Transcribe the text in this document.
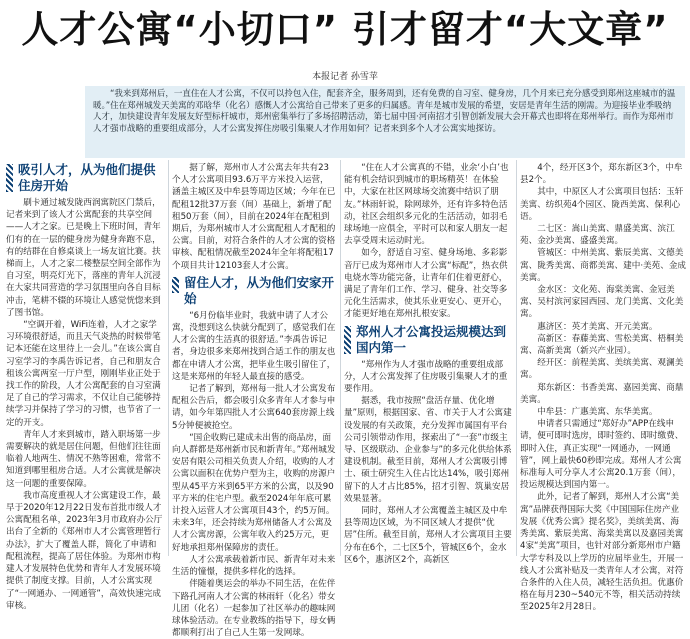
人才公寓“小切口” 引才留才“大文章”
本报记者 孙雪苹
“我来到郑州后，一直住在人才公寓，不仅可以拎包入住，配套齐全，服务周到，还有免费的自习室、健身房，几个月来已充分感受到郑州这座城市的温暖。”住在郑州城发天美寓的邓晗华（化名）感慨人才公寓给自己带来了更多的归属感。青年是城市发展的希望，安居是青年生活的刚需。为迎接毕业季吸纳人才，加快建设青年发展友好型标杆城市，郑州密集举行了多场招聘活动，第七届中国·河南招才引智创新发展大会开幕式也即将在郑州举行。而作为郑州市人才强市战略的重要组成部分，人才公寓发挥住房吸引集聚人才作用如何？记者来到多个人才公寓实地探访。
吸引人才，从为他们提供住房开始

刷卡通过城发陇西润寓院区门禁后，记者来到了该人才公寓配套的共享空间——人才之家。已是晚上下班时间，青年们有的在一层的健身房为健身奔跑不息，有的结群在自修桌谈上一场友谊比赛。扶梯而上，人才之家二楼整层空间全部作为自习室，明亮灯光下，落座的青年人沉浸在大家共同营造的学习氛围里向各自目标冲击，笔耕不辍的环境让人感觉恍惚来到了图书馆。

“空调开着，WiFi连着，人才之家学习环境很舒适，而且天气炎热的时候带笔记本还能在这里待上一会儿。”在该公寓自习室学习的李禹告诉记者，自己和朋友合租该公寓两室一厅户型，刚刚毕业正处于找工作的阶段，人才公寓配套的自习室满足了自己的学习需求，不仅让自己能够持续学习并保持了学习的习惯，也节省了一定的开支。

青年人才来到城市，踏入职场第一步需要解决的就是居住问题，但他们往往面临着人地两生、情况不熟等困难，常常不知道到哪里租房合适。人才公寓就是解决这一问题的重要保障。

我市高度重视人才公寓建设工作，最早于2020年12月22日发布首批市级人才公寓配租名单，2023年3月市政府办公厅出台了全新的《郑州市人才公寓管理暂行办法》，扩大了覆盖人群，简化了申请和配租流程，提高了居住体验。为郑州市构建人才发展特色优势和青年人才发展环境提供了制度支撑。目前，人才公寓实现了“一网通办、一网通管”，高效快速完成审核。

据了解，郑州市人才公寓去年共有23个人才公寓项目93.6万平方米投入运营，涵盖主城区及中牟县等周边区域；今年在已配租12批37万套（间）基础上，新增了配租50万套（间），目前在2024年在配租到期后，为郑州城市人才公寓配租人才配租的公寓。目前，对符合条件的人才公寓的资格审核、配租情况截至2024年全年将配租17个项目共计12103套人才公寓。

留住人才，从为他们安家开始

“6月份临毕业时，我就申请了人才公寓，没想到这么快就分配到了，感觉我们在人才公寓的生活真的很舒适。”李禹告诉记者，身边很多来郑州找到合适工作的朋友也都在申请人才公寓，把毕业生吸引留住了，这是来郑州的年轻人最直接的感受。

记者了解到，郑州每一批人才公寓发布配租公告后，都会吸引众多青年人才参与申请，如今年第四批人才公寓640套房源上线5分钟便被抢空。

“国企收购已建成未出售的商品房，面向人群都是郑州新市民和新青年。”郑州城发安居有限公司相关负责人介绍，收购的人才公寓以面积在优势户型为主，收购的房源户型从45平方米到65平方米的公寓，以及90平方米的住宅户型。截至2024年年底可累计投入运营人才公寓项目43个，约5万间。未来3年，还会持续为郑州储备人才公寓及人才公寓房源，公寓年收入约25万元，更好地承担郑州保障房的责任。

人才公寓承载着新市民、新青年对未来生活的憧憬，提供多样化的选择。

伴随着奥运会的举办不同生活，在佐伴下路孔河南人才公寓的林雨轩（化名）带女儿团（化名）一起参加了社区举办的趣味网球体验活动。在专业教练的指导下，母女俩都顺利打出了自己人生第一发网球。

“住在人才公寓真的不错，业余‘小白’也能有机会结识到城市的职场精英！在体验中，大家在社区网球场交流赛中结识了朋友。”林雨轩说，除网球外，还有许多特色活动，社区会组织多元化的生活活动，如羽毛球场地一应俱全，平时可以和家人朋友一起去享受周末运动时光。

如今，舒适自习室、健身场地、多彩影音厅已成为郑州市人才公寓“标配”，热衣供电烧水等功能完备，让青年们住着更舒心，满足了青年们工作、学习、健身、社交等多元化生活需求，使其乐业更安心、更开心，才能更好地在郑州扎根安家。

郑州人才公寓投运规模达到国内第一

“郑州作为人才强市战略的重要组成部分，人才公寓发挥了住房吸引集聚人才的重要作用。

据悉，我市按照“盘活存量、优化增量”原则，根据国家、省、市关于人才公寓建设发展的有关政策，充分发挥市属国有平台公司引领带动作用，探索出了“一套”市级主导、区级联动、企业参与”的多元化供给体系建设机制。截至目前，郑州人才公寓吸引博士、硕士研究生入住占比达14%，吸引郑州留下的人才占比85%，招才引智、筑巢安居效果显著。

同时，郑州人才公寓覆盖主城区及中牟县等周边区域，为不同区域人才提供“优居”住所。截至目前，郑州人才公寓项目主要分布在6个，二七区5个，管城区6个，金水区6个，惠济区2个，高新区

4个，经开区3个，郑东新区3个，中牟县2个。

其中，中原区人才公寓项目包括：玉轩美寓、纺织苑4个园区、陇西美寓、保利心语。

二七区：嵩山美寓、鼎盛美寓、滨江苑、金沙美寓、盛盛美寓。

管城区：中州美寓、紫辰美寓、文德美寓、陇秀美寓、商都美寓、建中·美苑、金成美寓。

金水区：文化苑、海棠美寓、金冠美寓、吴村滨河家园西园、龙门美寓、文化美寓。

惠济区：英才美寓、开元美寓。

高新区：春藤美寓、雪松美寓、梧桐美寓、高新美寓（新兴产业园）。

经开区：前程美寓、美缤美寓、观澜美寓。

郑东新区：书香美寓、嘉园美寓、商鼎美寓。

中牟县：广惠美寓、东华美寓。

申请者只需通过“郑好办”APP在线申请，便可即时选房，即时签约、即时缴费、即时入住，真正实现“一网通办，一网通管”，网上最快60秒即完成。郑州人才公寓标准每人可分享人才公寓20.1万套（间），投运规模达到国内第一。

此外，记者了解到，郑州人才公寓“美寓”品牌获得国际大奖《中国国际住房产业发展《优秀公寓》提名奖》，美缤美寓、海秀美寓、紫辰美寓、海棠美寓以及嘉园美寓4家“美寓”项目，也针对部分新郑州市户籍大学专科及以上学历的应届毕业生，开展一线人才公寓补贴及一类青年人才公寓，对符合条件的入住人员，减轻生活负担。优惠价格在每月230~540元不等，相关活动持续至2025年2月28日。
